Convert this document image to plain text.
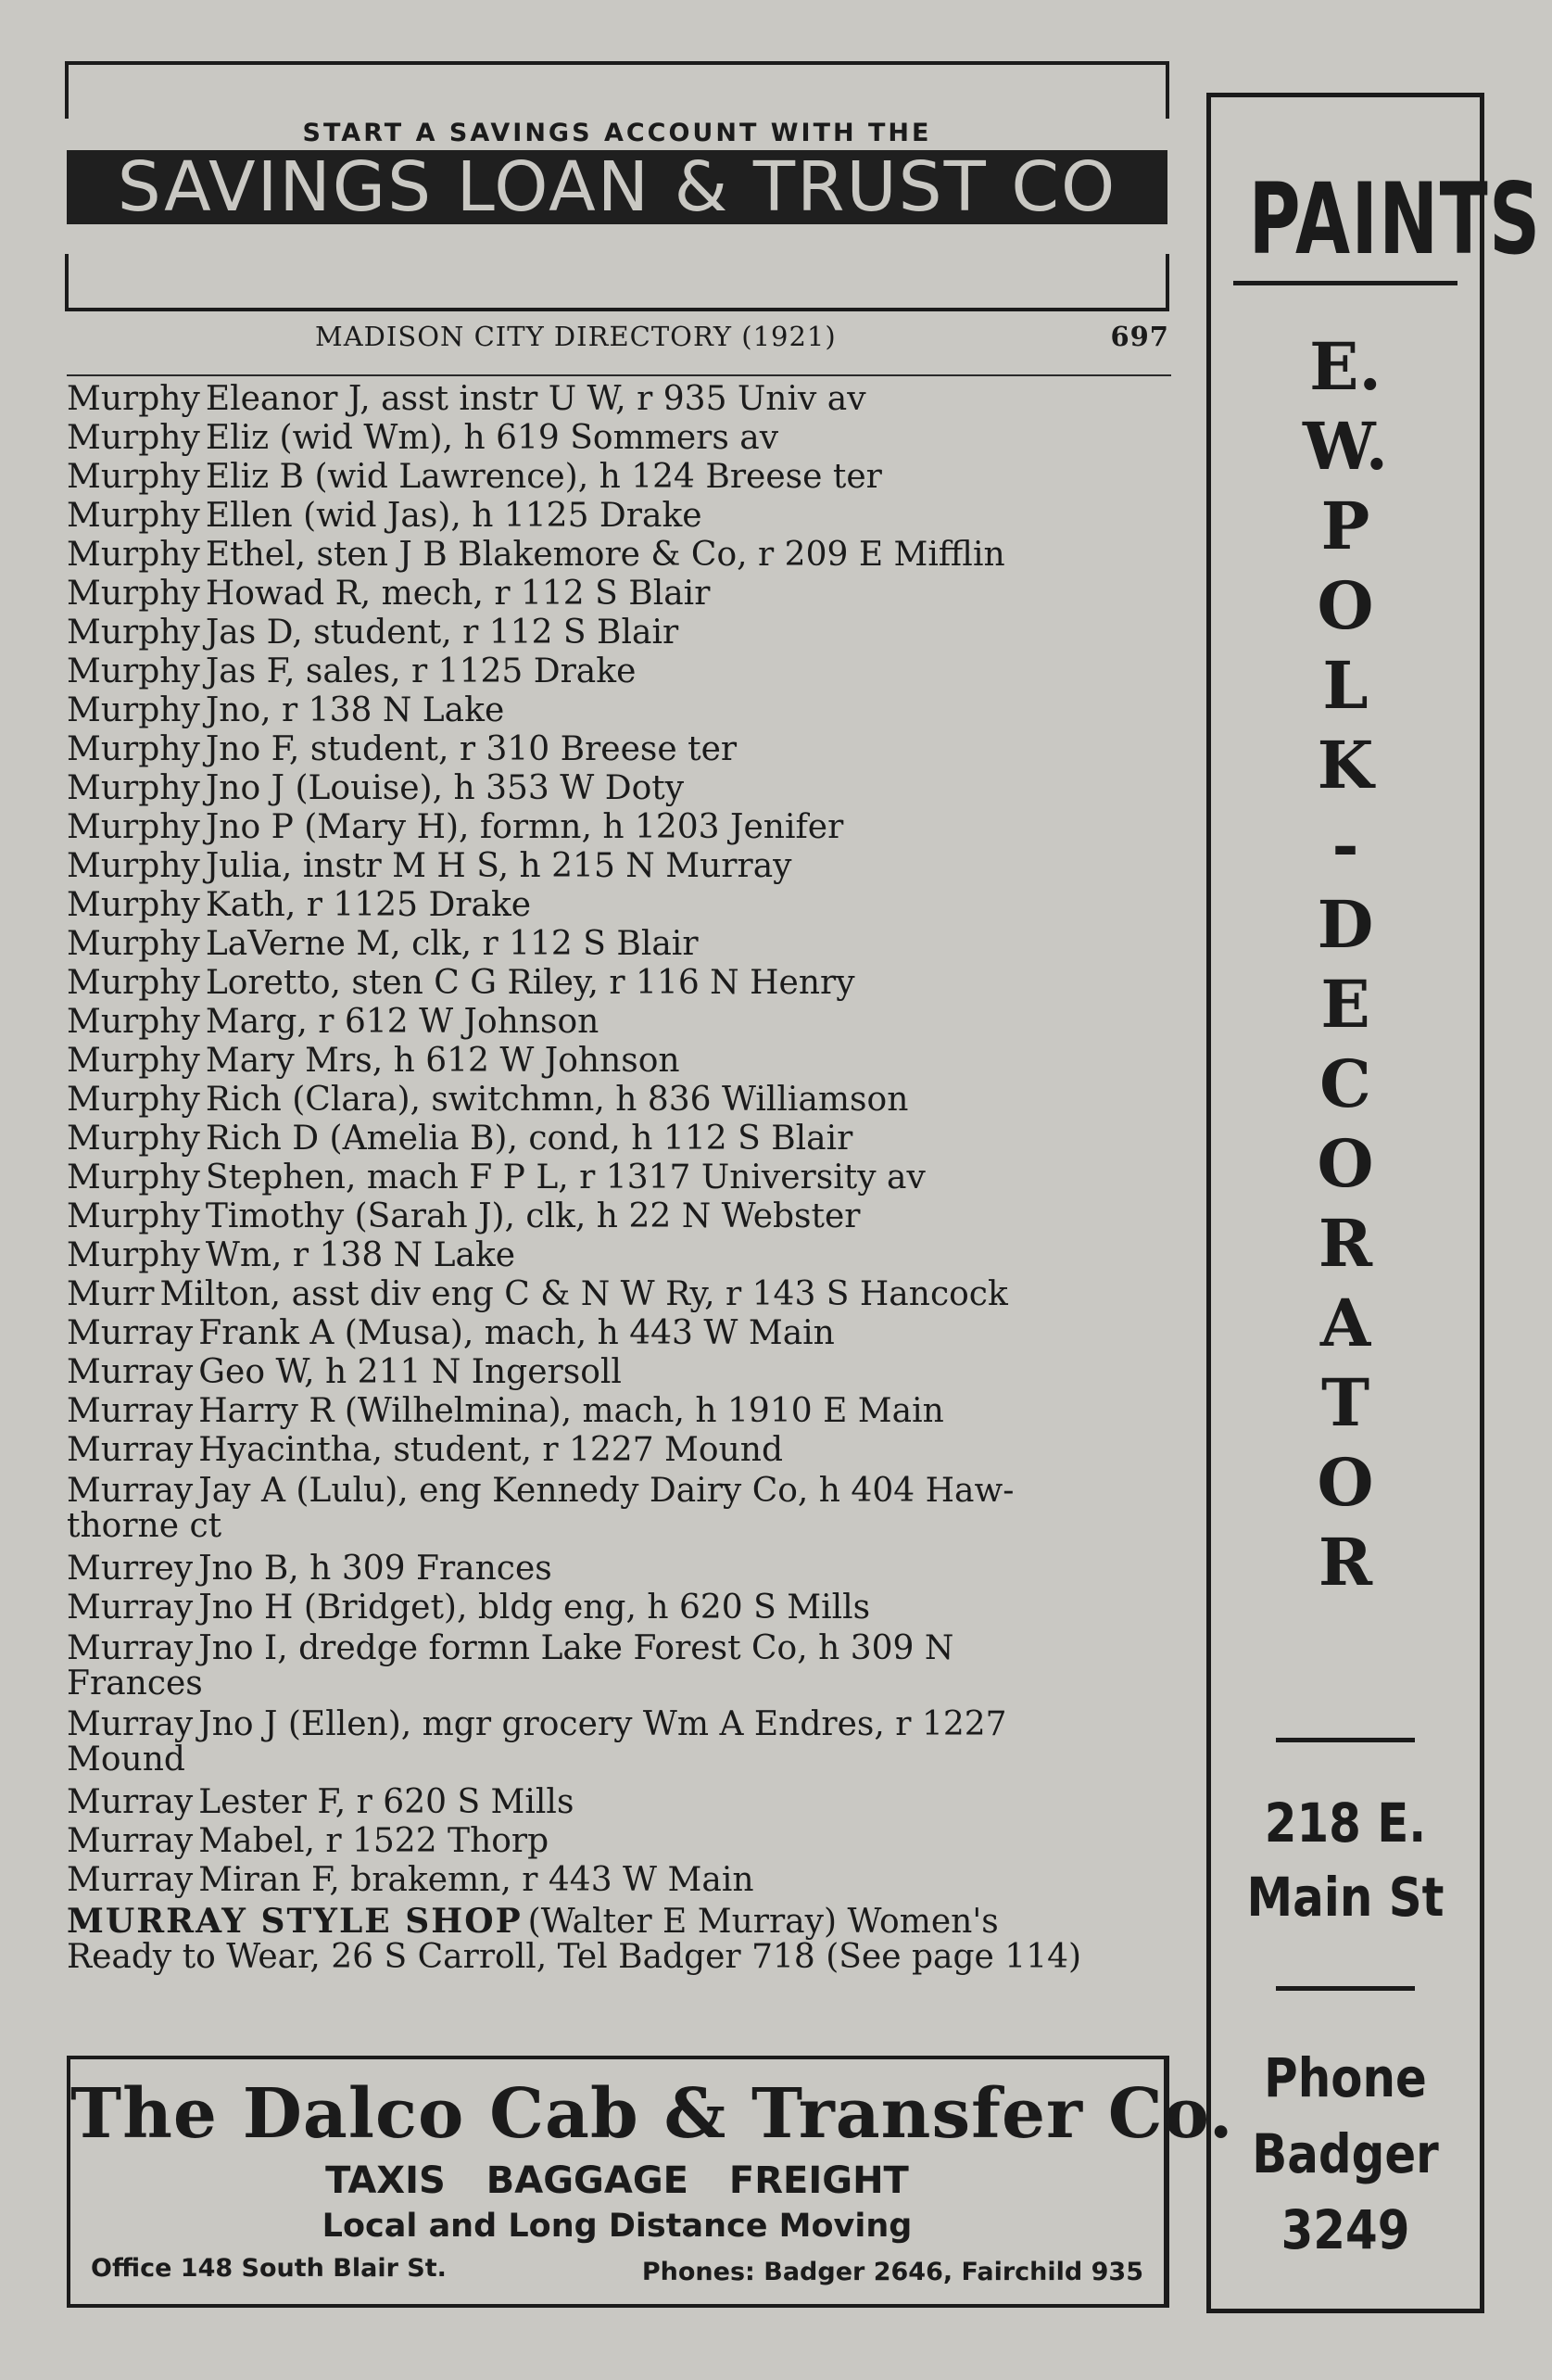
START A SAVINGS ACCOUNT WITH THE
SAVINGS LOAN & TRUST CO
MADISON CITY DIRECTORY (1921)	697
Murphy Eleanor J, asst instr U W, r 935 Univ av
Murphy Eliz (wid Wm), h 619 Sommers av
Murphy Eliz B (wid Lawrence), h 124 Breese ter
Murphy Ellen (wid Jas), h 1125 Drake
Murphy Ethel, sten J B Blakemore & Co, r 209 E Mifflin
Murphy Howad R, mech, r 112 S Blair
Murphy Jas D, student, r 112 S Blair
Murphy Jas F, sales, r 1125 Drake
Murphy Jno, r 138 N Lake
Murphy Jno F, student, r 310 Breese ter
Murphy Jno J (Louise), h 353 W Doty
Murphy Jno P (Mary H), formn, h 1203 Jenifer
Murphy Julia, instr M H S, h 215 N Murray
Murphy Kath, r 1125 Drake
Murphy LaVerne M, clk, r 112 S Blair
Murphy Loretto, sten C G Riley, r 116 N Henry
Murphy Marg, r 612 W Johnson
Murphy Mary Mrs, h 612 W Johnson
Murphy Rich (Clara), switchmn, h 836 Williamson
Murphy Rich D (Amelia B), cond, h 112 S Blair
Murphy Stephen, mach F P L, r 1317 University av
Murphy Timothy (Sarah J), clk, h 22 N Webster
Murphy Wm, r 138 N Lake
Murr Milton, asst div eng C & N W Ry, r 143 S Hancock
Murray Frank A (Musa), mach, h 443 W Main
Murray Geo W, h 211 N Ingersoll
Murray Harry R (Wilhelmina), mach, h 1910 E Main
Murray Hyacintha, student, r 1227 Mound
Murray Jay A (Lulu), eng Kennedy Dairy Co, h 404 Haw-
thorne ct
Murrey Jno B, h 309 Frances
Murray Jno H (Bridget), bldg eng, h 620 S Mills
Murray Jno I, dredge formn Lake Forest Co, h 309 N
Frances
Murray Jno J (Ellen), mgr grocery Wm A Endres, r 1227
Mound
Murray Lester F, r 620 S Mills
Murray Mabel, r 1522 Thorp
Murray Miran F, brakemn, r 443 W Main
MURRAY STYLE SHOP (Walter E Murray) Women's
Ready to Wear, 26 S Carroll, Tel Badger 718 (See page 114)
The Dalco Cab & Transfer Co.
TAXIS BAGGAGE FREIGHT
Local and Long Distance Moving
Office 148 South Blair St.	Phones: Badger 2646, Fairchild 935
PAINTS
E.
W.
P
O
L
K
-
D
E
C
O
R
A
T
O
R
218 E.
Main St
Phone
Badger
3249
